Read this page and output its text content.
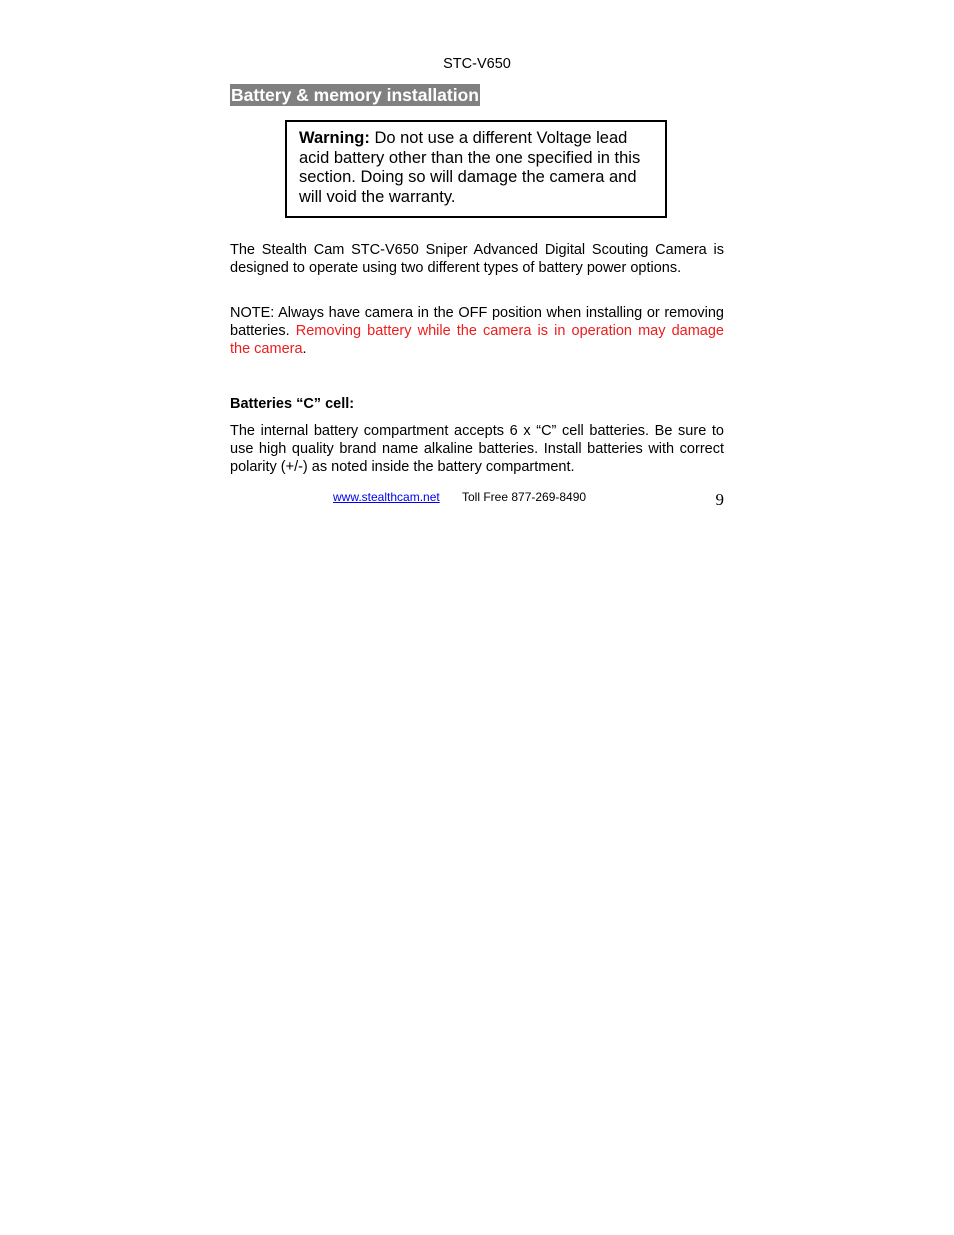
STC-V650
Battery & memory installation
Warning: Do not use a different Voltage lead acid battery other than the one specified in this section. Doing so will damage the camera and will void the warranty.

The Stealth Cam STC-V650 Sniper Advanced Digital Scouting Camera is designed to operate using two different types of battery power options.

NOTE: Always have camera in the OFF position when installing or removing batteries. Removing battery while the camera is in operation may damage the camera.

Batteries “C” cell:

The internal battery compartment accepts 6 x “C” cell batteries. Be sure to use high quality brand name alkaline batteries. Install batteries with correct polarity (+/-) as noted inside the battery compartment.

www.stealthcam.net Toll Free 877-269-8490	9
